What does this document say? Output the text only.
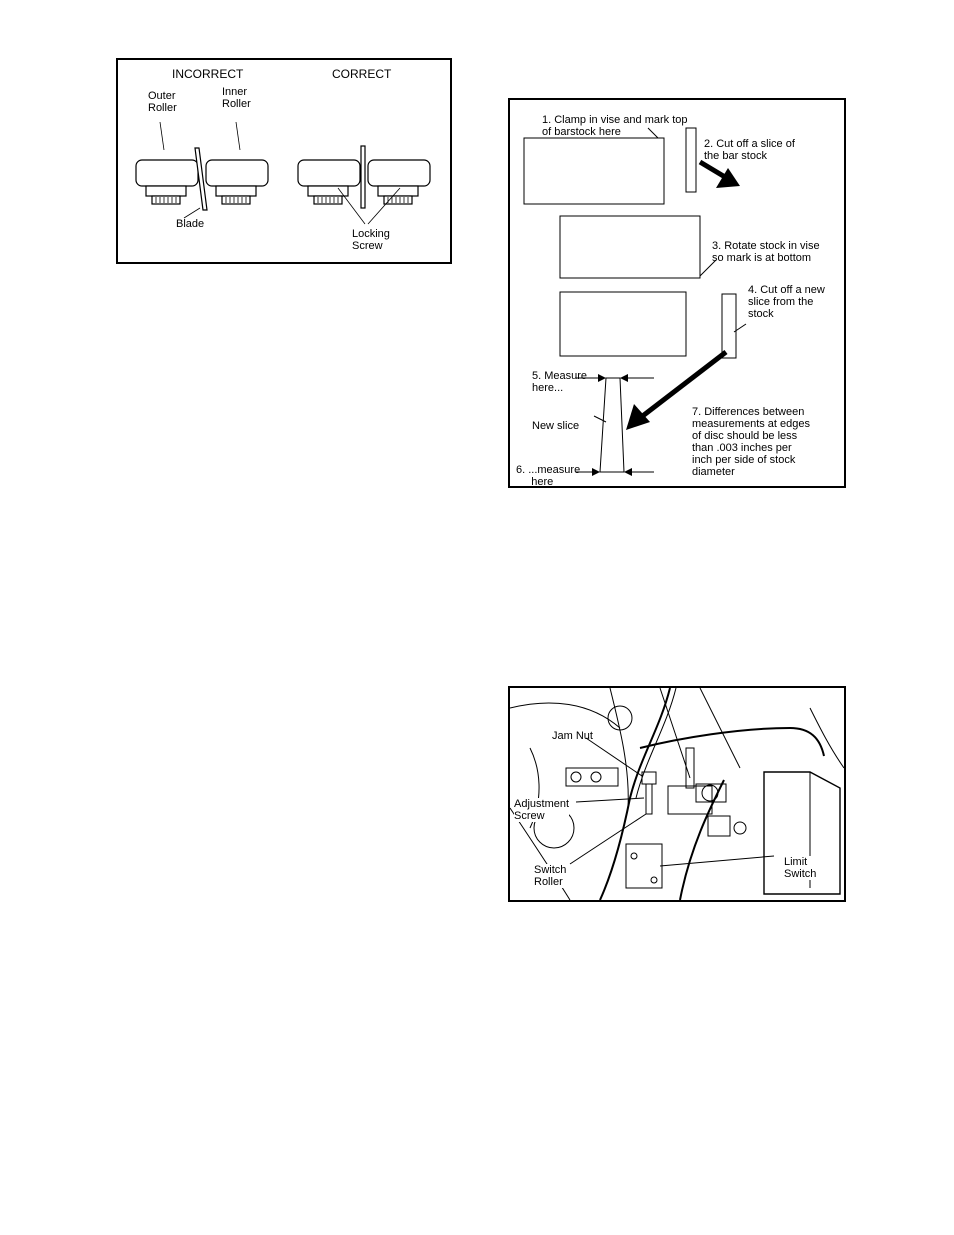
INCORRECT	CORRECT
Outer
Roller
Inner
Roller
Blade
Locking
Screw
1. Clamp in vise and mark top
of barstock here
2. Cut off a slice of
the bar stock
3. Rotate stock in vise
so mark is at bottom
4. Cut off a new
slice from the
stock
5. Measure
here...
New slice
6. ...measure
here
7. Differences between
measurements at edges
of disc should be less
than .003 inches per
inch per side of stock
diameter
Jam Nut
Adjustment
Screw
Switch
Roller
Limit
Switch
